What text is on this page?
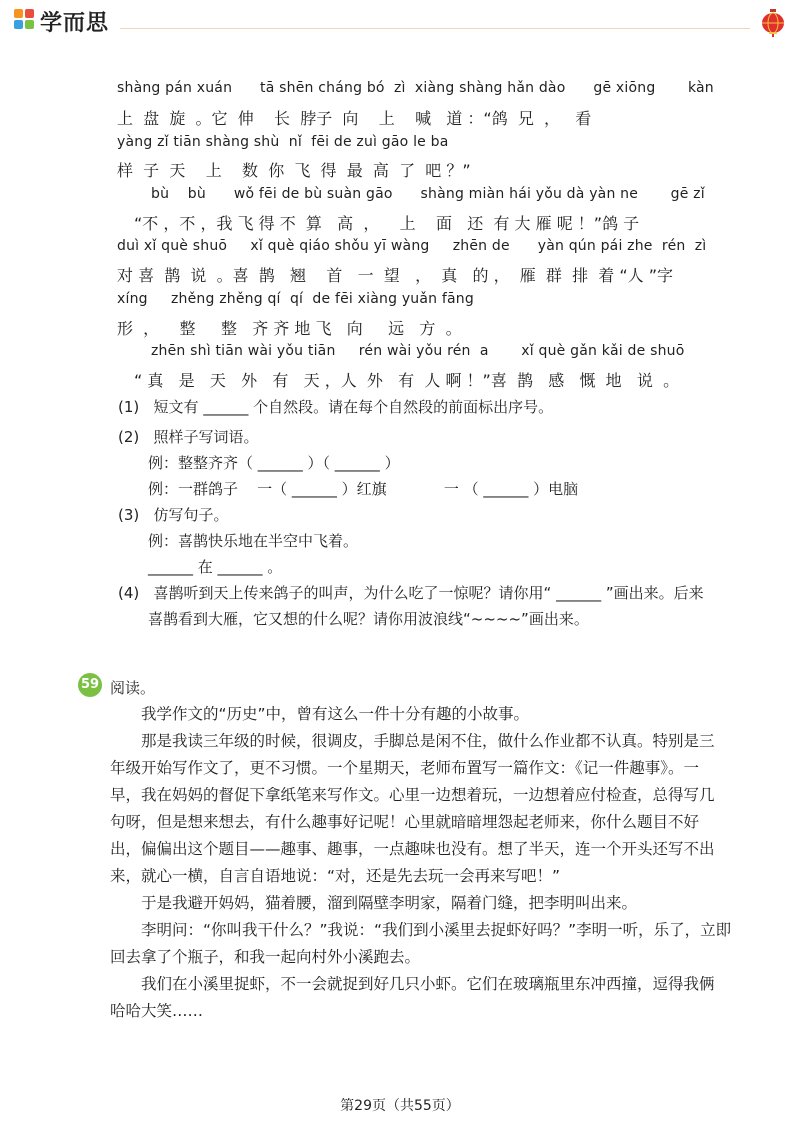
学而思
shàng pán xuán      tā shēn cháng bó  zì  xiàng shàng hǎn dào      gē xiōng       kàn
上  盘  旋  。它  伸    长  脖子  向    上    喊   道 ：“鸽  兄  ，   看
yàng zǐ tiān shàng shù  nǐ  fēi de zuì gāo le ba
样  子  天    上    数  你  飞  得  最  高  了  吧 ？”
bù    bù      wǒ fēi de bù suàn gāo      shàng miàn hái yǒu dà yàn ne       gē zǐ
“不 ，不 ，我 飞 得 不  算   高  ，    上    面   还  有 大 雁 呢 ！”鸽 子
duì xǐ què shuō     xǐ què qiáo shǒu yī wàng     zhēn de      yàn qún pái zhe  rén  zì
对 喜  鹊  说  。喜  鹊   翘    首   一  望   ，  真   的 ，  雁  群  排  着 “人 ”字
xíng     zhěng zhěng qí  qí  de fēi xiàng yuǎn fāng
形  ，    整     整   齐 齐 地 飞   向     远   方  。
zhēn shì tiān wài yǒu tiān     rén wài yǒu rén  a       xǐ què gǎn kǎi de shuō
“ 真   是   天   外   有   天 ，人  外   有  人 啊 ！”喜  鹊   感   慨  地   说  。
(1)   短文有 ______ 个自然段。请在每个自然段的前面标出序号。
(2)   照样子写词语。
例：整整齐齐（ ______ ）（ ______ ）
例：一群鸽子    一（ ______ ）红旗            一 （ ______ ）电脑
(3)   仿写句子。
例：喜鹊快乐地在半空中飞着。
______ 在 ______ 。
(4)   喜鹊听到天上传来鸽子的叫声，为什么吃了一惊呢？请你用“ ______ ”画出来。后来
喜鹊看到大雁，它又想的什么呢？请你用波浪线“~~~~”画出来。
59 阅读。
我学作文的“历史”中，曾有这么一件十分有趣的小故事。
那是我读三年级的时候，很调皮，手脚总是闲不住，做什么作业都不认真。特别是三
年级开始写作文了，更不习惯。一个星期天，老师布置写一篇作文：《记一件趣事》。一
早，我在妈妈的督促下拿纸笔来写作文。心里一边想着玩，一边想着应付检查，总得写几
句呀，但是想来想去，有什么趣事好记呢！心里就暗暗埋怨起老师来，你什么题目不好
出，偏偏出这个题目——趣事、趣事，一点趣味也没有。想了半天，连一个开头还写不出
来，就心一横，自言自语地说：“对，还是先去玩一会再来写吧！”
于是我避开妈妈，猫着腰，溜到隔壁李明家，隔着门缝，把李明叫出来。
李明问：“你叫我干什么？”我说：“我们到小溪里去捉虾好吗？”李明一听，乐了，立即
回去拿了个瓶子，和我一起向村外小溪跑去。
我们在小溪里捉虾，不一会就捉到好几只小虾。它们在玻璃瓶里东冲西撞，逗得我俩
哈哈大笑……
第29页（共55页）
